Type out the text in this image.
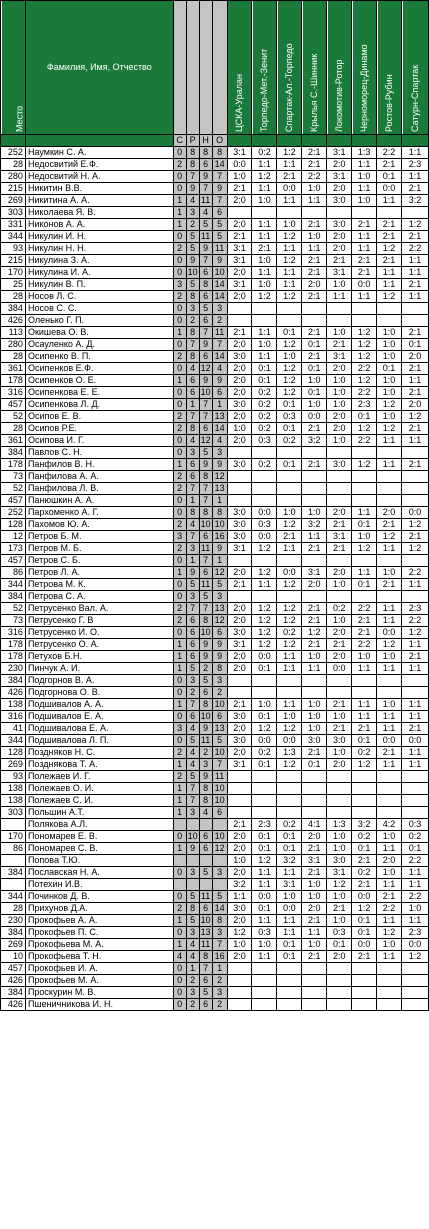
Место	Фамилия, Имя, Отчество					ЦСКА-Уралан	Торпедо-Мет.-Зенит	Спартак-Ал.-Торпедо	Крылья С.-Шинник	Локомотив-Ротор	Черноморец-Динамо	Ростов-Рубин	Сатурн-Спартак
		С	Р	Н	О								
252	Наумкин С. А.	0	8	8	8	3:1	0:2	1:2	2:1	3:1	1:3	2:2	1:1
28	Недосвитий Е.Ф.	2	8	6	14	0:0	1:1	1:1	2:1	2:0	1:1	2:1	2:3
280	Недосвитий Н. А.	0	7	9	7	1:0	1:2	2:1	2:2	3:1	1:0	0:1	1:1
215	Никитин В.В.	0	9	7	9	2:1	1:1	0:0	1:0	2:0	1:1	0:0	2:1
269	Никитина А. А.	1	4	11	7	2:0	1:0	1:1	1:1	3:0	1:0	1:1	3:2
303	Николаева Я. В.	1	3	4	6								
331	Никонов А. А.	1	2	5	5	2:0	1:1	1:0	2:1	3:0	2:1	2:1	1:2
344	Никулин И. Н.	0	5	11	5	2:1	1:1	1:2	1:0	2:0	1:1	2:1	2:1
93	Никулин Н. Н.	2	5	9	11	3:1	2:1	1:1	1:1	2:0	1:1	1:2	2:2
215	Никулина З. А.	0	9	7	9	3:1	1:0	1:2	2:1	2:1	2:1	2:1	1:1
170	Никулина И. А.	0	10	6	10	2:0	1:1	1:1	2:1	3:1	2:1	1:1	1:1
25	Никулин В. П.	3	5	8	14	3:1	1:0	1:1	2:0	1:0	0:0	1:1	2:1
28	Носов Л. С.	2	8	6	14	2:0	1:2	1:2	2:1	1:1	1:1	1:2	1:1
384	Носов С. С.	0	3	5	3								
426	Оленько Г. П.	0	2	6	2								
113	Окишева О. В.	1	8	7	11	2:1	1:1	0:1	2:1	1:0	1:2	1:0	2:1
280	Осауленко А. Д.	0	7	9	7	2:0	1:0	1:2	0:1	2:1	1:2	1:0	0:1
28	Осипенко В. П.	2	8	6	14	3:0	1:1	1:0	2:1	3:1	1:2	1:0	2:0
361	Осипенков Е.Ф.	0	4	12	4	2:0	0:1	1:2	0:1	2:0	2:2	0:1	2:1
178	Осипенков О. Е.	1	6	9	9	2:0	0:1	1:2	1:0	1:0	1:2	1:0	1:1
316	Осипенкова Е. Е.	0	6	10	6	2:0	0:2	1:2	0:1	1:0	2:2	1:0	2:1
457	Осипенкова Л. Д.	0	1	7	1	3:0	0:2	0:1	1:0	1:0	2:3	1:2	2:0
52	Осипов Е. В.	2	7	7	13	2:0	0:2	0:3	0:0	2:0	0:1	1:0	1:2
28	Осипов Р.Е.	2	8	6	14	1:0	0:2	0:1	2:1	2:0	1:2	1:2	2:1
361	Осипова И. Г.	0	4	12	4	2:0	0:3	0:2	3:2	1:0	2:2	1:1	1:1
384	Павлов С. Н.	0	3	5	3								
178	Панфилов В. Н.	1	6	9	9	3:0	0:2	0:1	2:1	3:0	1:2	1:1	2:1
73	Панфилова А. А.	2	6	8	12								
52	Панфилова Л. В.	2	7	7	13								
457	Панюшкин А. А.	0	1	7	1								
252	Пархоменко А. Г.	0	8	8	8	3:0	0:0	1:0	1:0	2:0	1:1	2:0	0:0
128	Пахомов Ю. А.	2	4	10	10	3:0	0:3	1:2	3:2	2:1	0:1	2:1	1:2
12	Петров Б. М.	3	7	6	16	3:0	0:0	2:1	1:1	3:1	1:0	1:2	2:1
173	Петров М. Б.	2	3	11	9	3:1	1:2	1:1	2:1	2:1	1:2	1:1	1:2
457	Петров С. Б.	0	1	7	1								
86	Петров Л. А.	1	9	6	12	2:0	1:2	0:0	3:1	2:0	1:1	1:0	2:2
344	Петрова М. К.	0	5	11	5	2:1	1:1	1:2	2:0	1:0	0:1	2:1	1:1
384	Петрова С. А.	0	3	5	3								
52	Петрусенко Вал. А.	2	7	7	13	2:0	1:2	1:2	2:1	0:2	2:2	1:1	2:3
73	Петрусенко Г. В	2	6	8	12	2:0	1:2	1:2	2:1	1:0	2:1	1:1	2:2
316	Петрусенко И. О.	0	6	10	6	3:0	1:2	0:2	1:2	2:0	2:1	0:0	1:2
178	Петрусенко О. А.	1	6	9	9	3:1	1:2	1:2	2:1	2:1	2:2	1:2	1:1
178	Петухов Б.Н.	1	6	9	9	2:0	0:0	1:1	1:0	2:0	1:0	1:0	2:1
230	Пинчук А. И.	1	5	2	8	2:0	0:1	1:1	1:1	0:0	1:1	1:1	1:1
384	Подгорнов В. А.	0	3	5	3								
426	Подгорнова О. В.	0	2	6	2								
138	Подшивалов А. А.	1	7	8	10	2:1	1:0	1:1	1:0	2:1	1:1	1:0	1:1
316	Подшивалов Е. А.	0	6	10	6	3:0	0:1	1:0	1:0	1:0	1:1	1:1	1:1
41	Подшивалова Е. А.	3	4	9	13	2:0	1:2	1:2	1:0	2:1	2:1	1:1	2:1
344	Подшивалова Л. П.	0	5	11	5	3:0	0:0	0:0	3:0	3:0	0:1	0:0	0:0
128	Поздняков Н. С.	2	4	2	10	2:0	0:2	1:3	2:1	1:0	0:2	2:1	1:1
269	Позднякова Т. А.	1	4	3	7	3:1	0:1	1:2	0:1	2:0	1:2	1:1	1:1
93	Полежаев И. Г.	2	5	9	11								
138	Полежаев О. И.	1	7	8	10								
138	Полежаев С. И.	1	7	8	10								
303	Польшин А.Т.	1	3	4	6								
	Полякова А.Л.					2:1	2:3	0:2	4:1	1:3	3:2	4:2	0:3
170	Пономарев Е. В.	0	10	6	10	2:0	0:1	0:1	2:0	1:0	0:2	1:0	0:2
86	Пономарев С. В.	1	9	6	12	2:0	0:1	0:1	2:1	1:0	0:1	1:1	0:1
	Попова Т.Ю.					1:0	1:2	3:2	3:1	3:0	2:1	2:0	2:2
384	Пославская Н. А.	0	3	5	3	2:0	1:1	1:1	2:1	3:1	0:2	1:0	1:1
	Потехин И.В.					3:2	1:1	3:1	1:0	1:2	2:1	1:1	1:1
344	Починков Д. В.	0	5	11	5	1:1	0:0	1:0	1:0	1:0	0:0	2:1	2:2
28	Прихунов Д.А.	2	8	6	14	3:0	0:1	0:0	2:0	2:1	1:2	2:2	1:0
230	Прокофьев А. А.	1	5	10	8	2:0	1:1	1:1	2:1	1:0	0:1	1:1	1:1
384	Прокофьев П. С.	0	3	13	3	1:2	0:3	1:1	1:1	0:3	0:1	1:2	2:3
269	Прокофьева М. А.	1	4	11	7	1:0	1:0	0:1	1:0	0:1	0:0	1:0	0:0
10	Прокофьева Т. Н.	4	4	8	16	2:0	1:1	0:1	2:1	2:0	2:1	1:1	1:2
457	Прокофьев И. А.	0	1	7	1								
426	Прокофьев М. А.	0	2	6	2								
384	Проскурин М. В.	0	3	5	3								
426	Пшеничникова И. Н.	0	2	6	2								
